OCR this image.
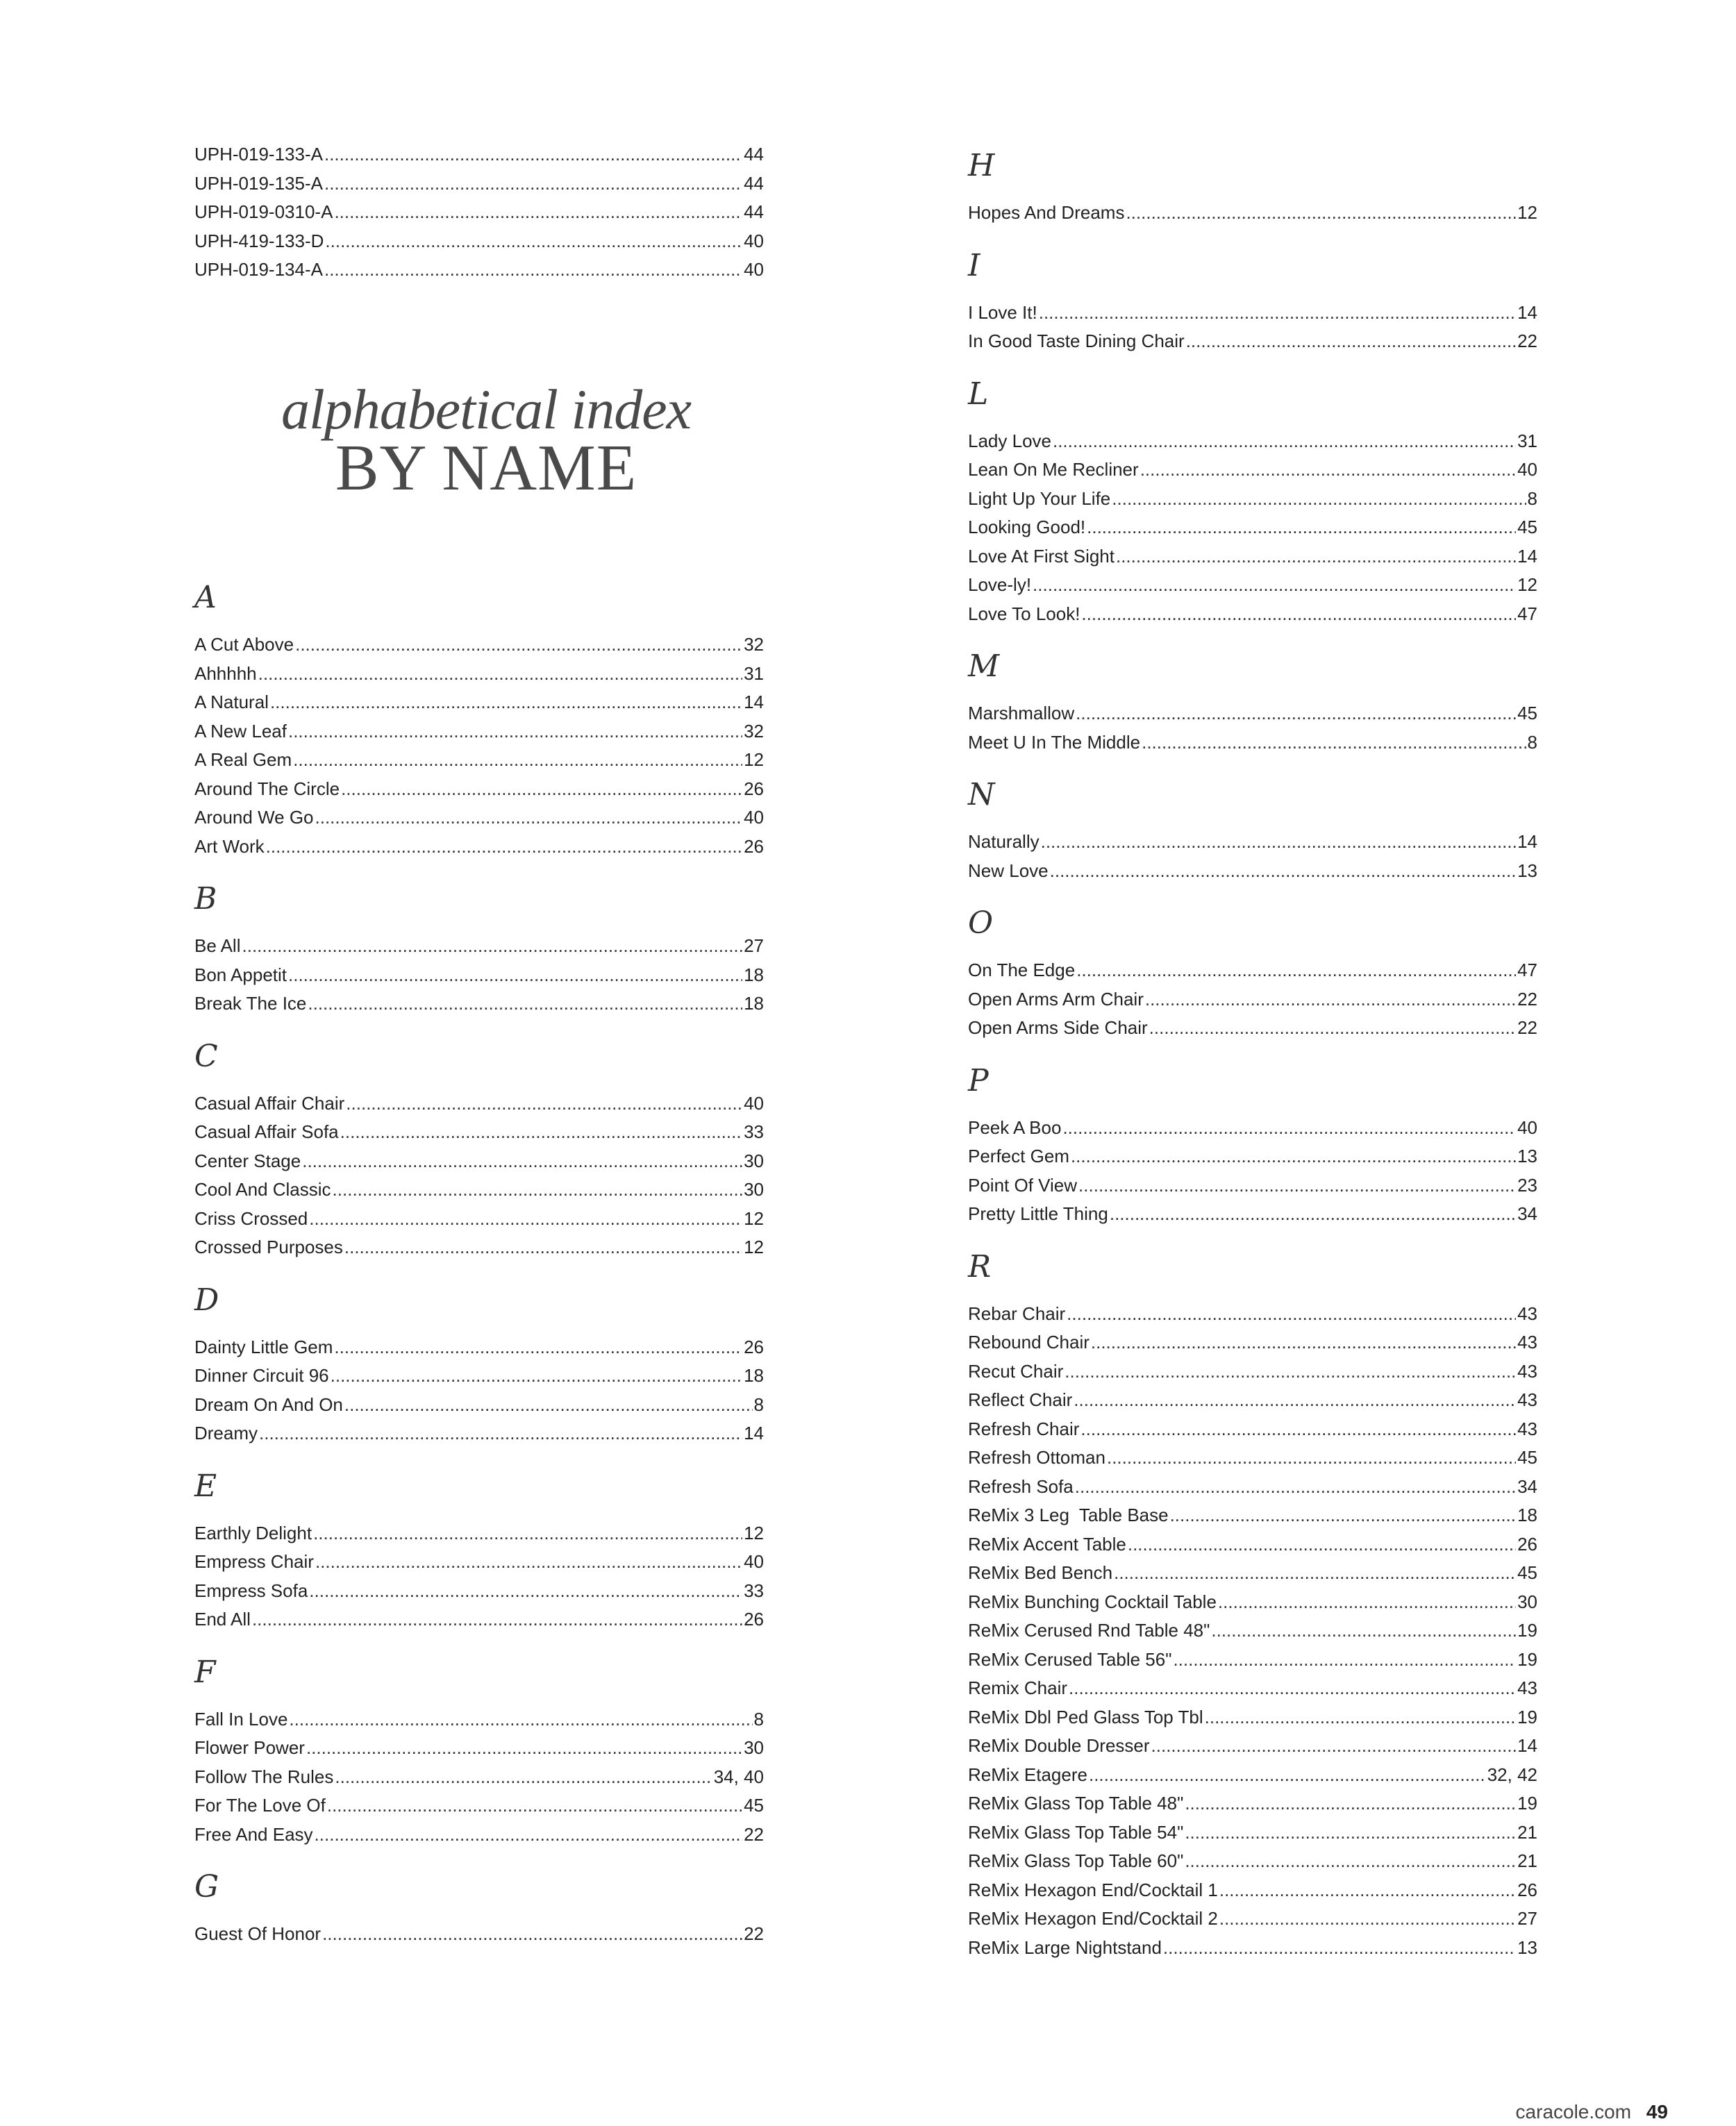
UPH-019-133-A .....	44
UPH-019-135-A .....	44
UPH-019-0310-A .....	44
UPH-419-133-D .....	40
UPH-019-134-A .....	40
A
A Cut Above .....	32
Ahhhhh .....	31
A Natural .....	14
A New Leaf .....	32
A Real Gem .....	12
Around The Circle .....	26
Around We Go .....	40
Art Work .....	26
B
Be All .....	27
Bon Appetit .....	18
Break The Ice .....	18
C
Casual Affair Chair .....	40
Casual Affair Sofa .....	33
Center Stage .....	30
Cool And Classic .....	30
Criss Crossed .....	12
Crossed Purposes .....	12
D
Dainty Little Gem .....	26
Dinner Circuit 96 .....	18
Dream On And On .....	8
Dreamy .....	14
E
Earthly Delight .....	12
Empress Chair .....	40
Empress Sofa .....	33
End All .....	26
F
Fall In Love .....	8
Flower Power .....	30
Follow The Rules .....	34, 40
For The Love Of .....	45
Free And Easy .....	22
G
Guest Of Honor .....	22
H
Hopes And Dreams .....	12
I
I Love It! .....	14
In Good Taste Dining Chair .....	22
L
Lady Love .....	31
Lean On Me Recliner .....	40
Light Up Your Life .....	8
Looking Good! .....	45
Love At First Sight .....	14
Love-ly! .....	12
Love To Look! .....	47
M
Marshmallow .....	45
Meet U In The Middle .....	8
N
Naturally .....	14
New Love .....	13
O
On The Edge .....	47
Open Arms Arm Chair .....	22
Open Arms Side Chair .....	22
P
Peek A Boo .....	40
Perfect Gem .....	13
Point Of View .....	23
Pretty Little Thing .....	34
R
Rebar Chair .....	43
Rebound Chair .....	43
Recut Chair .....	43
Reflect Chair .....	43
Refresh Chair .....	43
Refresh Ottoman .....	45
Refresh Sofa .....	34
ReMix 3 Leg  Table Base .....	18
ReMix Accent Table .....	26
ReMix Bed Bench .....	45
ReMix Bunching Cocktail Table .....	30
ReMix Cerused Rnd Table 48" .....	19
ReMix Cerused Table 56" .....	19
Remix Chair .....	43
ReMix Dbl Ped Glass Top Tbl .....	19
ReMix Double Dresser .....	14
ReMix Etagere .....	32, 42
ReMix Glass Top Table 48" .....	19
ReMix Glass Top Table 54" .....	21
ReMix Glass Top Table 60" .....	21
ReMix Hexagon End/Cocktail 1 .....	26
ReMix Hexagon End/Cocktail 2 .....	27
ReMix Large Nightstand .....	13
alphabetical index
BY NAME
caracole.com 49
